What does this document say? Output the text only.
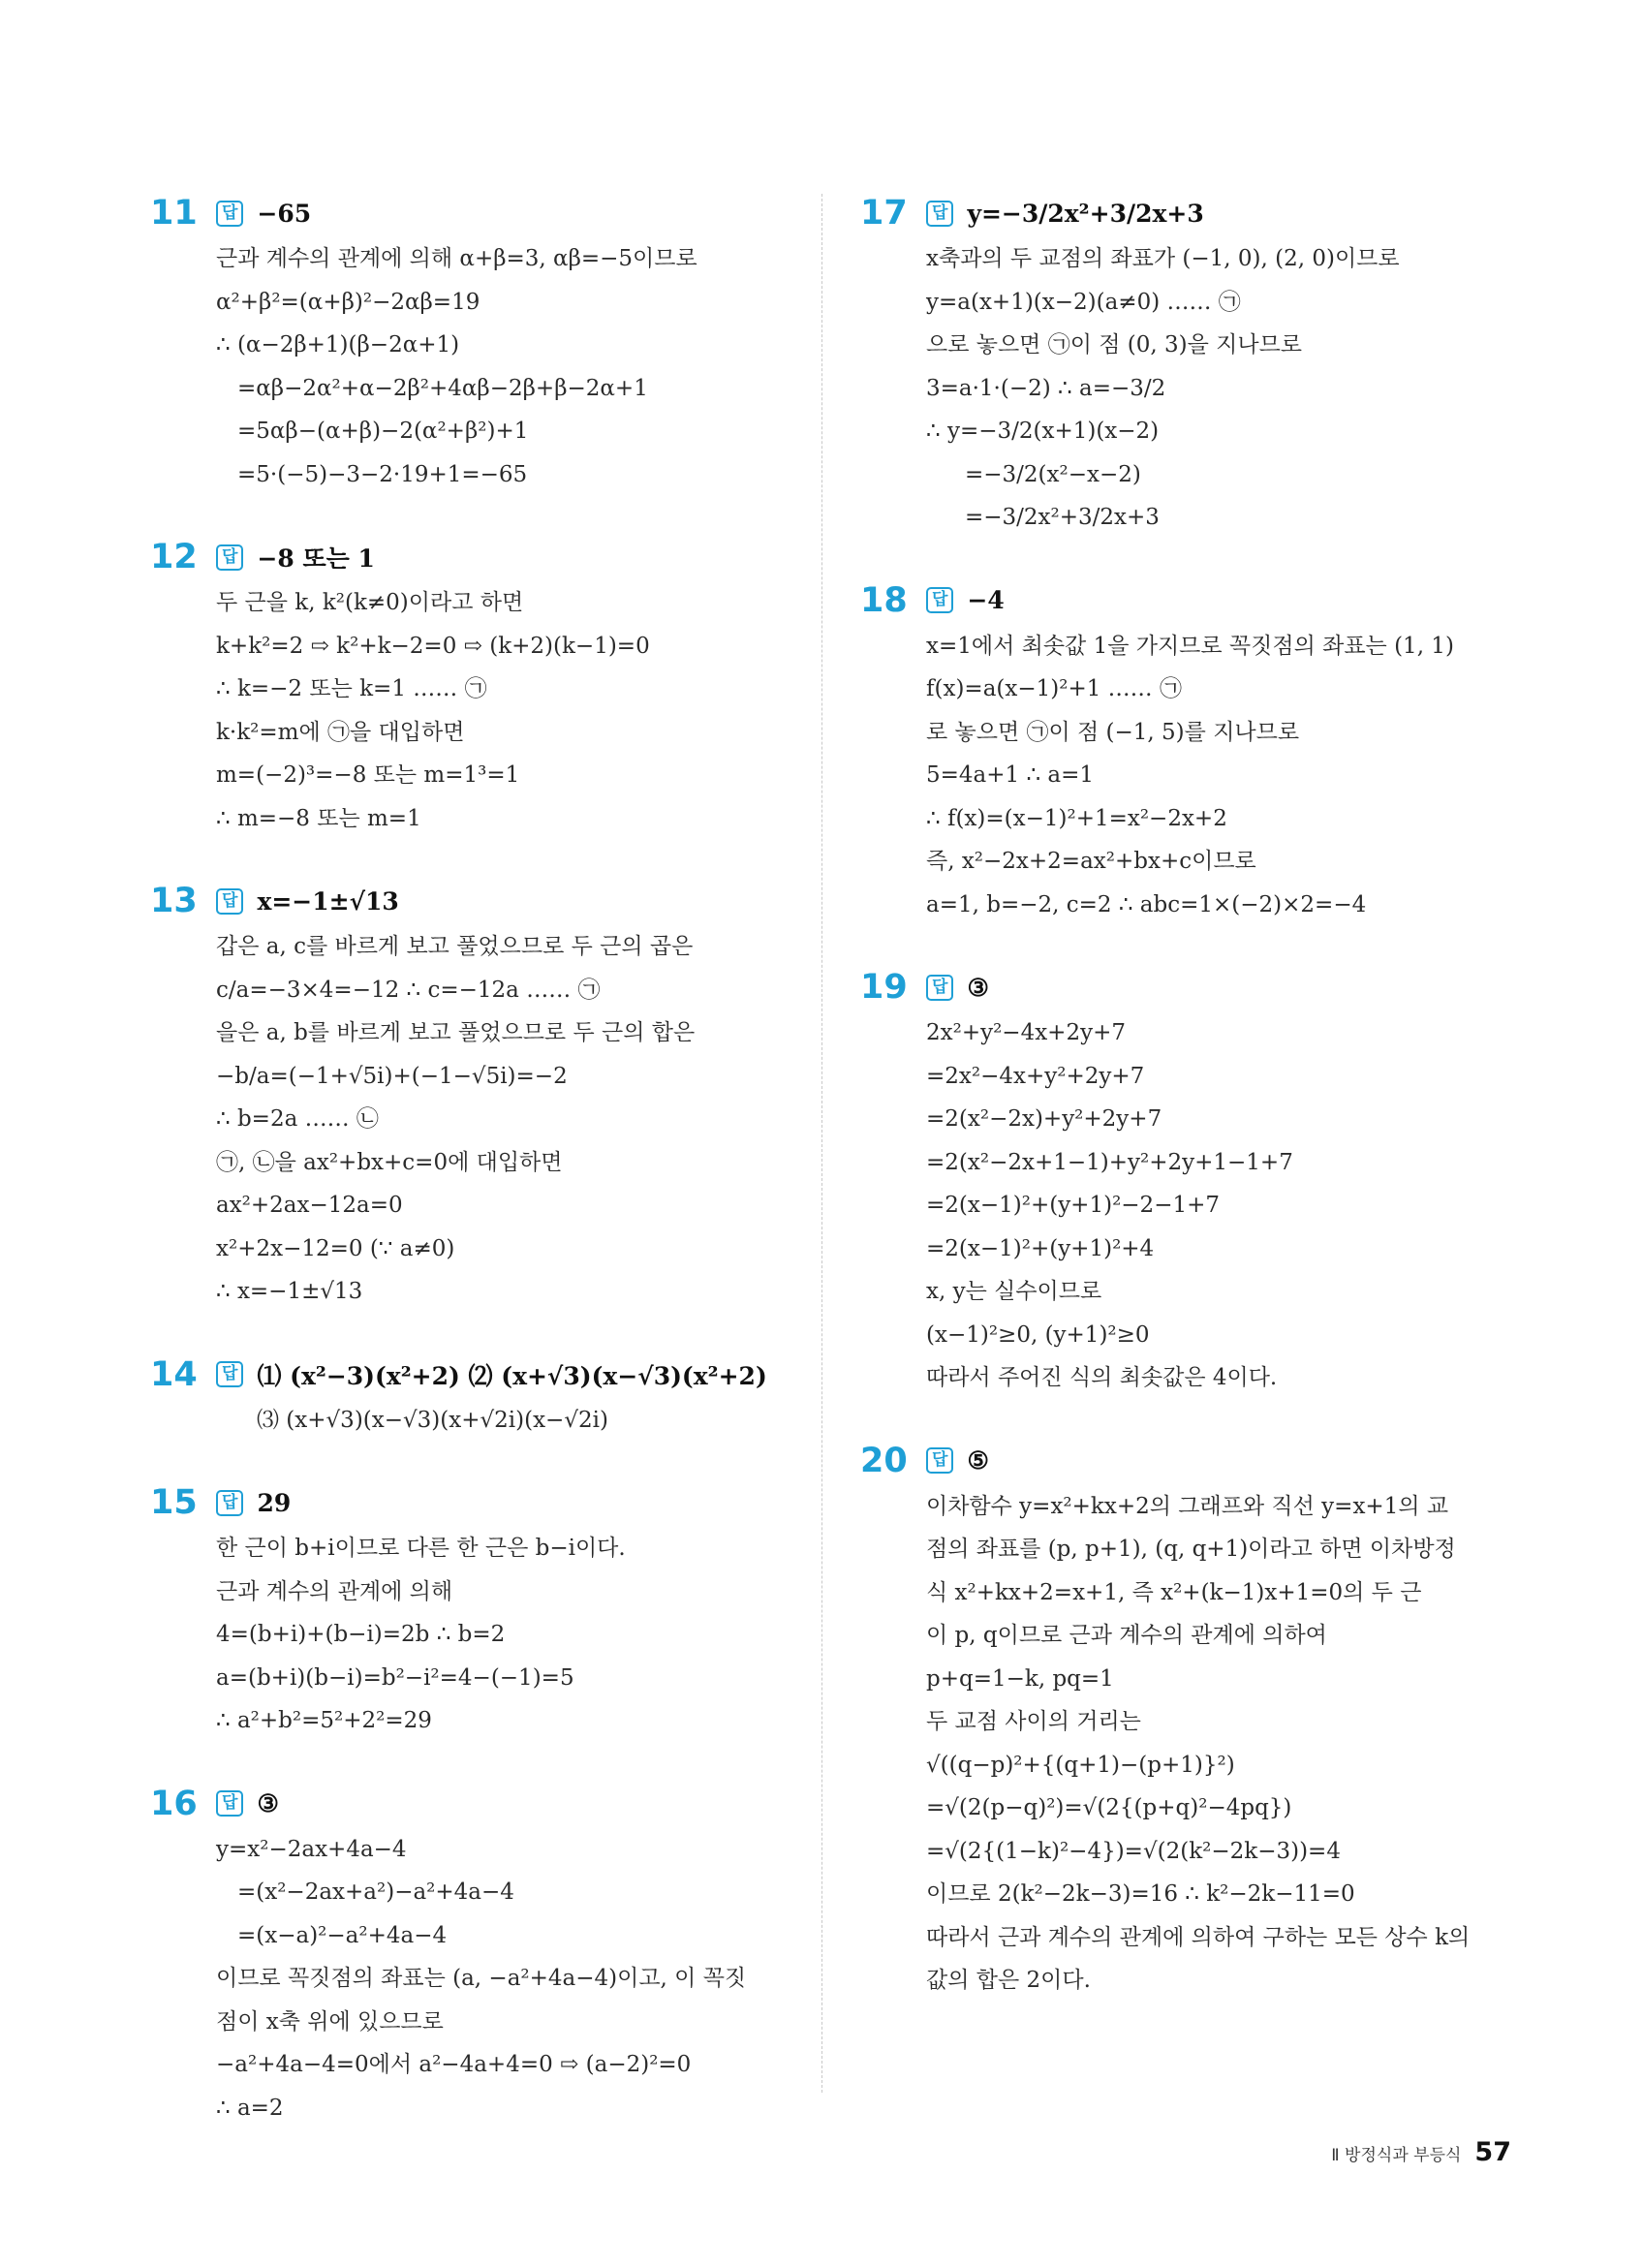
11	답 −65
근과 계수의 관계에 의해 α+β=3, αβ=−5이므로
α²+β²=(α+β)²−2αβ=19
∴ (α−2β+1)(β−2α+1)
=αβ−2α²+α−2β²+4αβ−2β+β−2α+1
=5αβ−(α+β)−2(α²+β²)+1
=5·(−5)−3−2·19+1=−65
12	답 −8 또는 1
두 근을 k, k²(k≠0)이라고 하면
k+k²=2 ⇨ k²+k−2=0 ⇨ (k+2)(k−1)=0
∴ k=−2 또는 k=1 …… ㉠
k·k²=m에 ㉠을 대입하면
m=(−2)³=−8 또는 m=1³=1
∴ m=−8 또는 m=1
13	답 x=−1±√13
갑은 a, c를 바르게 보고 풀었으므로 두 근의 곱은
c/a=−3×4=−12 ∴ c=−12a …… ㉠
을은 a, b를 바르게 보고 풀었으므로 두 근의 합은
−b/a=(−1+√5i)+(−1−√5i)=−2
∴ b=2a …… ㉡
㉠, ㉡을 ax²+bx+c=0에 대입하면
ax²+2ax−12a=0
x²+2x−12=0 (∵ a≠0)
∴ x=−1±√13
14	답 ⑴ (x²−3)(x²+2) ⑵ (x+√3)(x−√3)(x²+2)
⑶ (x+√3)(x−√3)(x+√2i)(x−√2i)
15	답 29
한 근이 b+i이므로 다른 한 근은 b−i이다.
근과 계수의 관계에 의해
4=(b+i)+(b−i)=2b ∴ b=2
a=(b+i)(b−i)=b²−i²=4−(−1)=5
∴ a²+b²=5²+2²=29
16	답 ③
y=x²−2ax+4a−4
=(x²−2ax+a²)−a²+4a−4
=(x−a)²−a²+4a−4
이므로 꼭짓점의 좌표는 (a, −a²+4a−4)이고, 이 꼭짓
점이 x축 위에 있으므로
−a²+4a−4=0에서 a²−4a+4=0 ⇨ (a−2)²=0
∴ a=2
17	답 y=−3/2x²+3/2x+3
x축과의 두 교점의 좌표가 (−1, 0), (2, 0)이므로
y=a(x+1)(x−2)(a≠0) …… ㉠
으로 놓으면 ㉠이 점 (0, 3)을 지나므로
3=a·1·(−2) ∴ a=−3/2
∴ y=−3/2(x+1)(x−2)
=−3/2(x²−x−2)
=−3/2x²+3/2x+3
18	답 −4
x=1에서 최솟값 1을 가지므로 꼭짓점의 좌표는 (1, 1)
f(x)=a(x−1)²+1 …… ㉠
로 놓으면 ㉠이 점 (−1, 5)를 지나므로
5=4a+1 ∴ a=1
∴ f(x)=(x−1)²+1=x²−2x+2
즉, x²−2x+2=ax²+bx+c이므로
a=1, b=−2, c=2 ∴ abc=1×(−2)×2=−4
19	답 ③
2x²+y²−4x+2y+7
=2x²−4x+y²+2y+7
=2(x²−2x)+y²+2y+7
=2(x²−2x+1−1)+y²+2y+1−1+7
=2(x−1)²+(y+1)²−2−1+7
=2(x−1)²+(y+1)²+4
x, y는 실수이므로
(x−1)²≥0, (y+1)²≥0
따라서 주어진 식의 최솟값은 4이다.
20	답 ⑤
이차함수 y=x²+kx+2의 그래프와 직선 y=x+1의 교
점의 좌표를 (p, p+1), (q, q+1)이라고 하면 이차방정
식 x²+kx+2=x+1, 즉 x²+(k−1)x+1=0의 두 근
이 p, q이므로 근과 계수의 관계에 의하여
p+q=1−k, pq=1
두 교점 사이의 거리는
√((q−p)²+{(q+1)−(p+1)}²)
=√(2(p−q)²)=√(2{(p+q)²−4pq})
=√(2{(1−k)²−4})=√(2(k²−2k−3))=4
이므로 2(k²−2k−3)=16 ∴ k²−2k−11=0
따라서 근과 계수의 관계에 의하여 구하는 모든 상수 k의
값의 합은 2이다.
Ⅱ 방정식과 부등식 57
